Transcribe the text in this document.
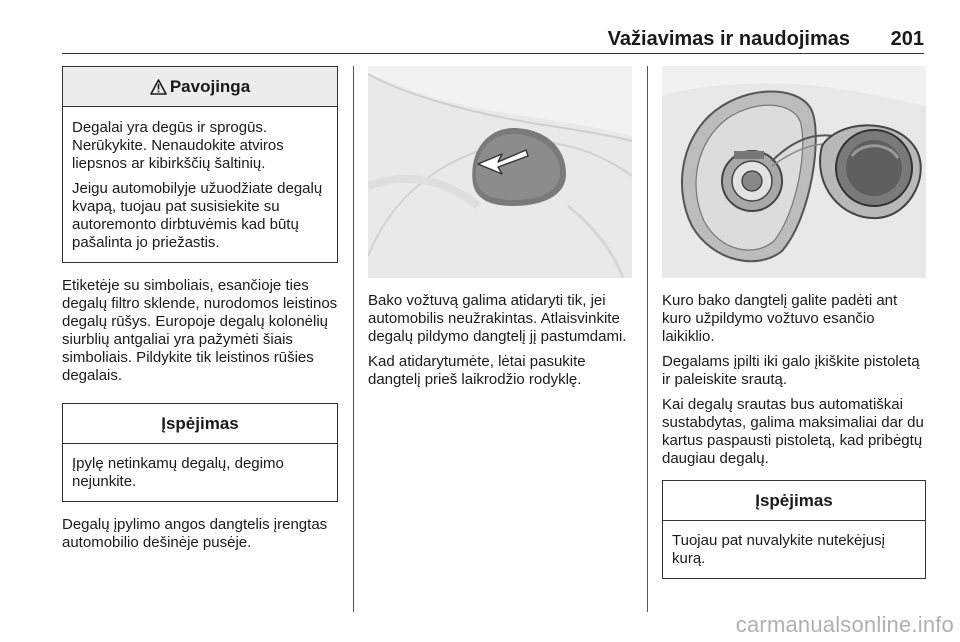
Važiavimas ir naudojimas 201
Pavojinga

Degalai yra degūs ir sprogūs. Nerūkykite. Nenaudokite atviros liepsnos ar kibirkščių šaltinių.

Jeigu automobilyje užuodžiate degalų kvapą, tuojau pat susisiekite su autoremonto dirbtuvėmis kad būtų pašalinta jo priežastis.

Etiketėje su simboliais, esančioje ties degalų filtro sklende, nurodomos leistinos degalų rūšys. Europoje degalų kolonėlių siurblių antgaliai yra pažymėti šiais simboliais. Pildykite tik leistinos rūšies degalais.

Įspėjimas

Įpylę netinkamų degalų, degimo nejunkite.

Degalų įpylimo angos dangtelis įrengtas automobilio dešinėje pusėje.

Bako vožtuvą galima atidaryti tik, jei automobilis neužrakintas. Atlaisvinkite degalų pildymo dangtelį jį pastumdami.

Kad atidarytumėte, lėtai pasukite dangtelį prieš laikrodžio rodyklę.

Kuro bako dangtelį galite padėti ant kuro užpildymo vožtuvo esančio laikiklio.

Degalams įpilti iki galo įkiškite pistoletą ir paleiskite srautą.

Kai degalų srautas bus automatiškai sustabdytas, galima maksimaliai dar du kartus paspausti pistoletą, kad pribėgtų daugiau degalų.

Įspėjimas

Tuojau pat nuvalykite nutekėjusį kurą.

carmanualsonline.info
